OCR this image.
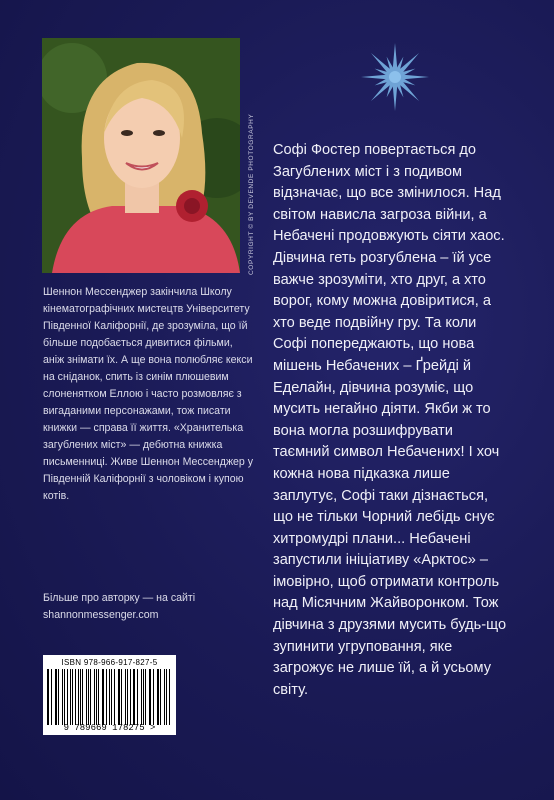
COPYRIGHT © BY DEVENDE PHOTOGRAPHY

Шеннон Мессенджер закінчила Школу кінематографічних мистецтв Університету Південної Каліфорнії, де зрозуміла, що їй більше подобається дивитися фільми, аніж знімати їх. А ще вона полюбляє кекси на сніданок, спить із синім плюшевим слоненятком Еллою і часто розмовляє з вигаданими персонажами, тож писати книжки — справа її життя. «Хранителька загублених міст» — дебютна книжка письменниці. Живе Шеннон Мессенджер у Південній Каліфорнії з чоловіком і купою котів.

Більше про авторку — на сайті
shannonmessenger.com
ISBN 978-966-917-827-5
9 789669 178275 >

Софі Фостер повертається до Загублених міст і з подивом відзначає, що все змінилося. Над світом нависла загроза війни, а Небачені продовжують сіяти хаос. Дівчина геть розгублена – їй усе важче зрозуміти, хто друг, а хто ворог, кому можна довіритися, а хто веде подвійну гру. Та коли Софі попереджають, що нова мішень Небачених – Ґрейді й Еделайн, дівчина розуміє, що мусить негайно діяти. Якби ж то вона могла розшифрувати таємний символ Небачених! І хоч кожна нова підказка лише заплутує, Софі таки дізнається, що не тільки Чорний лебідь снує хитромудрі плани... Небачені запустили ініціативу «Арктос» – імовірно, щоб отримати контроль над Місячним Жайворонком. Тож дівчина з друзями мусить будь-що зупинити угруповання, яке загрожує не лише їй, а й усьому світу.
